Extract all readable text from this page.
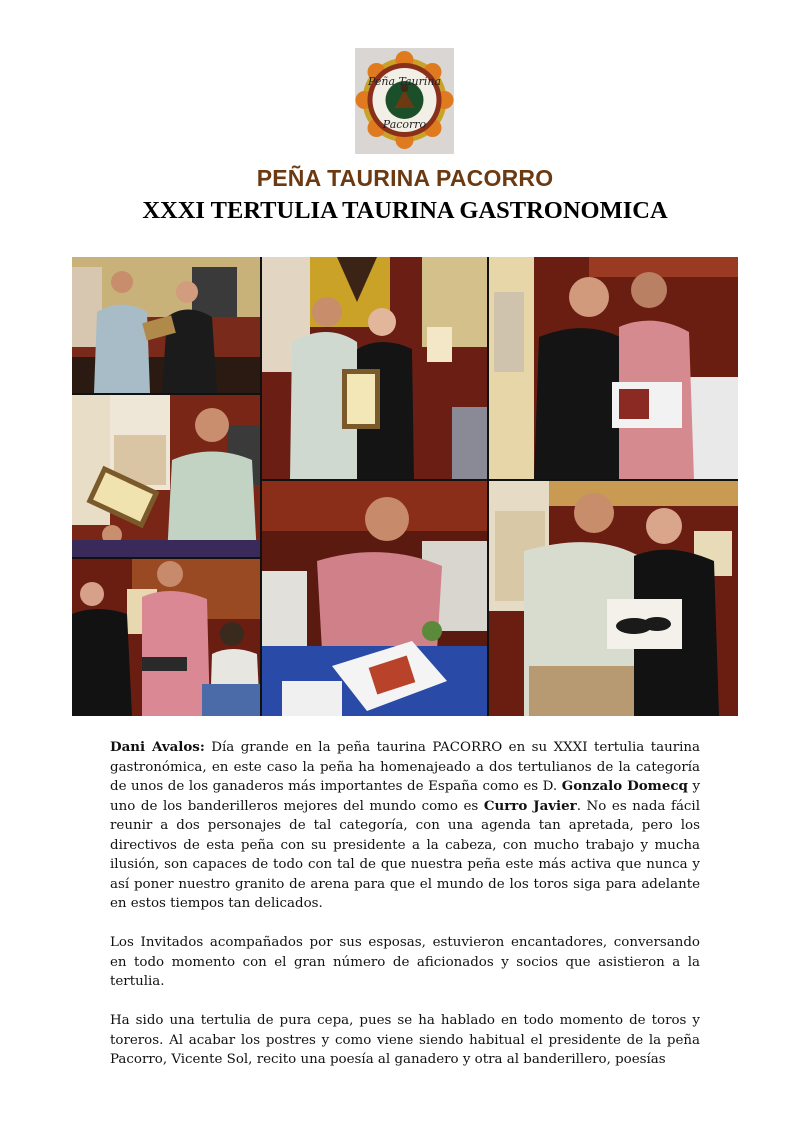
Peña Taurina
Pacorro
PEÑA TAURINA PACORRO
XXXI TERTULIA TAURINA GASTRONOMICA

Dani Avalos: Día grande en la peña taurina PACORRO en su XXXI tertulia taurina gastronómica, en este caso la peña ha homenajeado a dos tertulianos de la categoría de unos de los ganaderos más importantes de España como es D. Gonzalo Domecq y uno de los banderilleros mejores del mundo como es Curro Javier. No es nada fácil reunir a dos personajes de tal categoría, con una agenda tan apretada, pero los directivos de esta peña con su presidente a la cabeza, con mucho trabajo y mucha ilusión, son capaces de todo con tal de que nuestra peña este más activa que nunca y así poner nuestro granito de arena para que el mundo de los toros siga para adelante en estos tiempos tan delicados.

Los Invitados acompañados por sus esposas, estuvieron encantadores, conversando en todo momento con el gran número de aficionados y socios que asistieron a la tertulia.

Ha sido una tertulia de pura cepa, pues se ha hablado en todo momento de toros y toreros. Al acabar los postres y como viene siendo habitual el presidente de la peña Pacorro, Vicente Sol, recito una poesía al ganadero y otra al banderillero, poesías
